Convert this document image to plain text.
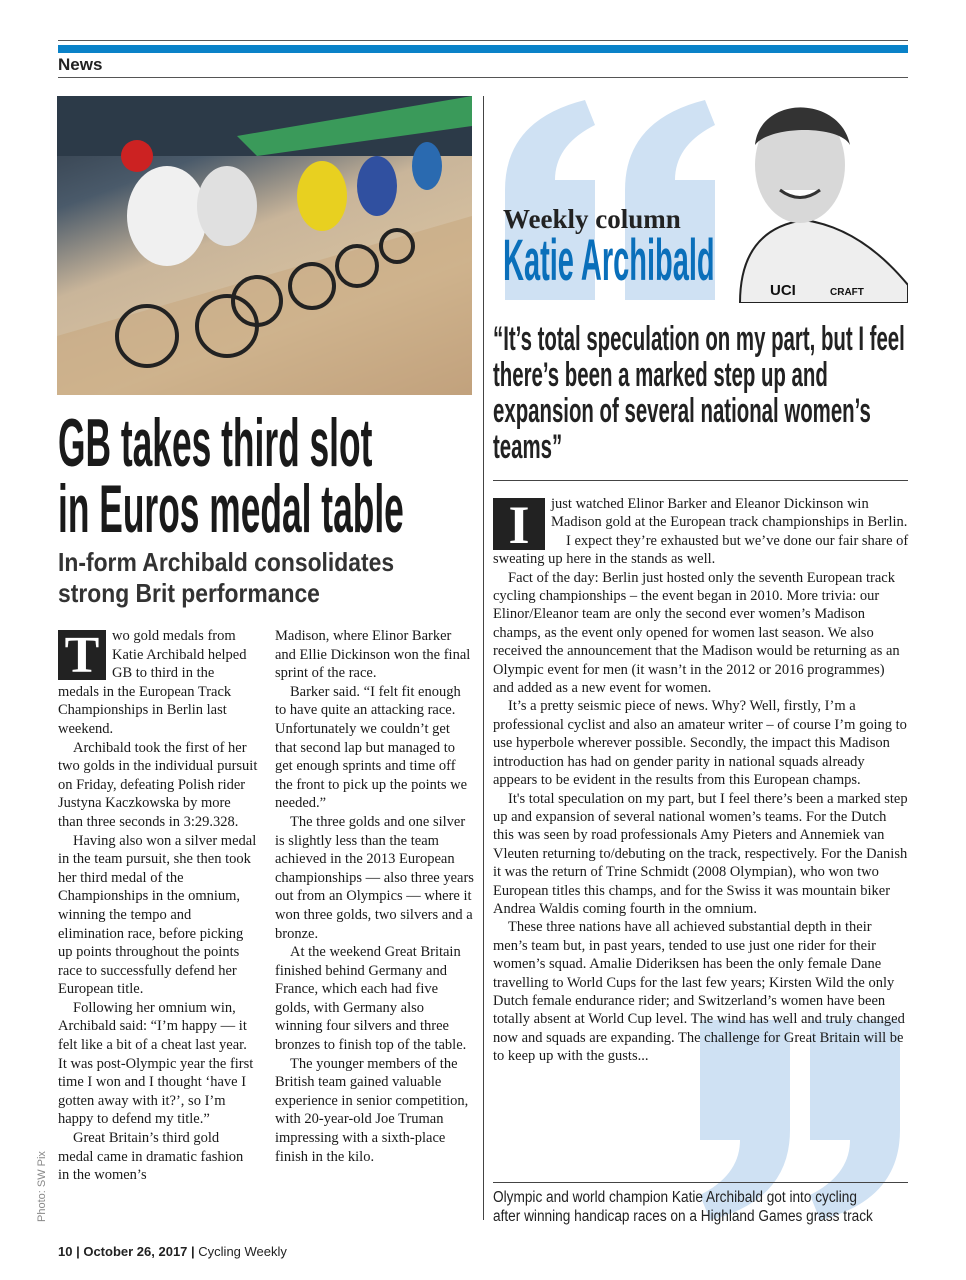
News
Photo: SW Pix
GB takes third slot
in Euros medal table
In-form Archibald consolidates
strong Brit performance
T wo gold medals from Katie Archibald helped GB to third in the medals in the European Track Championships in Berlin last weekend.

Archibald took the first of her two golds in the individual pursuit on Friday, defeating Polish rider Justyna Kaczkowska by more than three seconds in 3:29.328.

Having also won a silver medal in the team pursuit, she then took her third medal of the Championships in the omnium, winning the tempo and elimination race, before picking up points throughout the points race to successfully defend her European title.

Following her omnium win, Archibald said: “I’m happy — it felt like a bit of a cheat last year. It was post-Olympic year the first time I won and I thought ‘have I gotten away with it?’, so I’m happy to defend my title.”

Great Britain’s third gold medal came in dramatic fashion in the women’s

Madison, where Elinor Barker and Ellie Dickinson won the final sprint of the race.

Barker said. “I felt fit enough to have quite an attacking race. Unfortunately we couldn’t get that second lap but managed to get enough sprints and time off the front to pick up the points we needed.”

The three golds and one silver is slightly less than the team achieved in the 2013 European championships — also three years out from an Olympics — where it won three golds, two silvers and a bronze.

At the weekend Great Britain finished behind Germany and France, which each had five golds, with Germany also winning four silvers and three bronzes to finish top of the table.

The younger members of the British team gained valuable experience in senior competition, with 20-year-old Joe Truman impressing with a sixth-place finish in the kilo.

UCI	CRAFT
Weekly column
Katie Archibald
“It’s total speculation on my part, but I feel there’s been a marked step up and expansion of several national women’s teams”
I	just watched Elinor Barker and Eleanor Dickinson win Madison gold at the European track championships in Berlin.

I expect they’re exhausted but we’ve done our fair share of sweating up here in the stands as well.

Fact of the day: Berlin just hosted only the seventh European track cycling championships – the event began in 2010. More trivia: our Elinor/Eleanor team are only the second ever women’s Madison champs, as the event only opened for women last season. We also received the announcement that the Madison would be returning as an Olympic event for men (it wasn’t in the 2012 or 2016 programmes) and added as a new event for women.

It’s a pretty seismic piece of news. Why? Well, firstly, I’m a professional cyclist and also an amateur writer – of course I’m going to use hyperbole wherever possible. Secondly, the impact this Madison introduction has had on gender parity in national squads already appears to be evident in the results from this European champs.

It's total speculation on my part, but I feel there’s been a marked step up and expansion of several national women’s teams. For the Dutch this was seen by road professionals Amy Pieters and Annemiek van Vleuten returning to/debuting on the track, respectively. For the Danish it was the return of Trine Schmidt (2008 Olympian), who won two European titles this champs, and for the Swiss it was mountain biker Andrea Waldis coming fourth in the omnium.

These three nations have all achieved substantial depth in their men’s team but, in past years, tended to use just one rider for their women’s squad. Amalie Dideriksen has been the only female Dane travelling to World Cups for the last few years; Kirsten Wild the only Dutch female endurance rider; and Switzerland’s women have been totally absent at World Cup level. The wind has well and truly changed now and squads are expanding. The challenge for Great Britain will be to keep up with the gusts...

Olympic and world champion Katie Archibald got into cycling
after winning handicap races on a Highland Games grass track
10 | October 26, 2017 | Cycling Weekly
